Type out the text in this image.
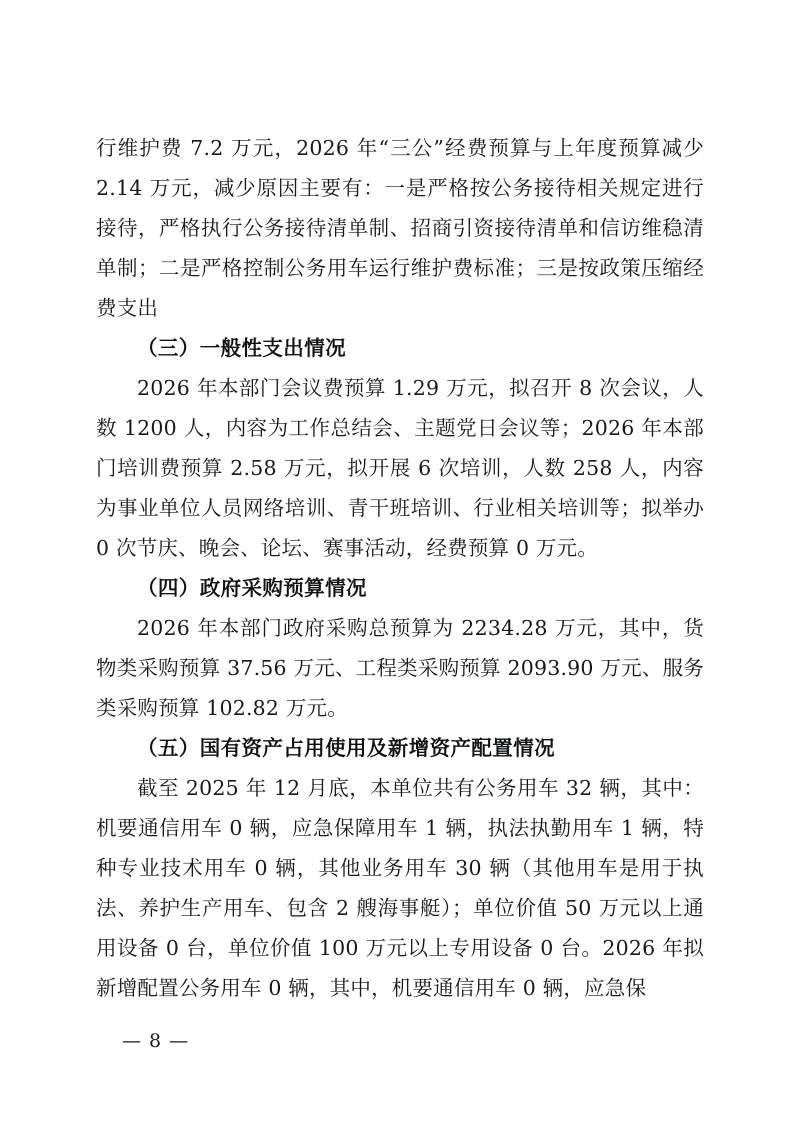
行维护费 7.2 万元，2026 年“三公”经费预算与上年度预算减少 2.14 万元，减少原因主要有：一是严格按公务接待相关规定进行接待，严格执行公务接待清单制、招商引资接待清单和信访维稳清单制；二是严格控制公务用车运行维护费标准；三是按政策压缩经费支出

（三）一般性支出情况

2026 年本部门会议费预算 1.29 万元，拟召开 8 次会议，人数 1200 人，内容为工作总结会、主题党日会议等；2026 年本部门培训费预算 2.58 万元，拟开展 6 次培训，人数 258 人，内容为事业单位人员网络培训、青干班培训、行业相关培训等；拟举办 0 次节庆、晚会、论坛、赛事活动，经费预算 0 万元。

（四）政府采购预算情况

2026 年本部门政府采购总预算为 2234.28 万元，其中，货物类采购预算 37.56 万元、工程类采购预算 2093.90 万元、服务类采购预算 102.82 万元。

（五）国有资产占用使用及新增资产配置情况

截至 2025 年 12 月底，本单位共有公务用车 32 辆，其中：机要通信用车 0 辆，应急保障用车 1 辆，执法执勤用车 1 辆，特种专业技术用车 0 辆，其他业务用车 30 辆（其他用车是用于执法、养护生产用车、包含 2 艘海事艇）；单位价值 50 万元以上通用设备 0 台，单位价值 100 万元以上专用设备 0 台。2026 年拟新增配置公务用车 0 辆，其中，机要通信用车 0 辆，应急保

— 8 —
